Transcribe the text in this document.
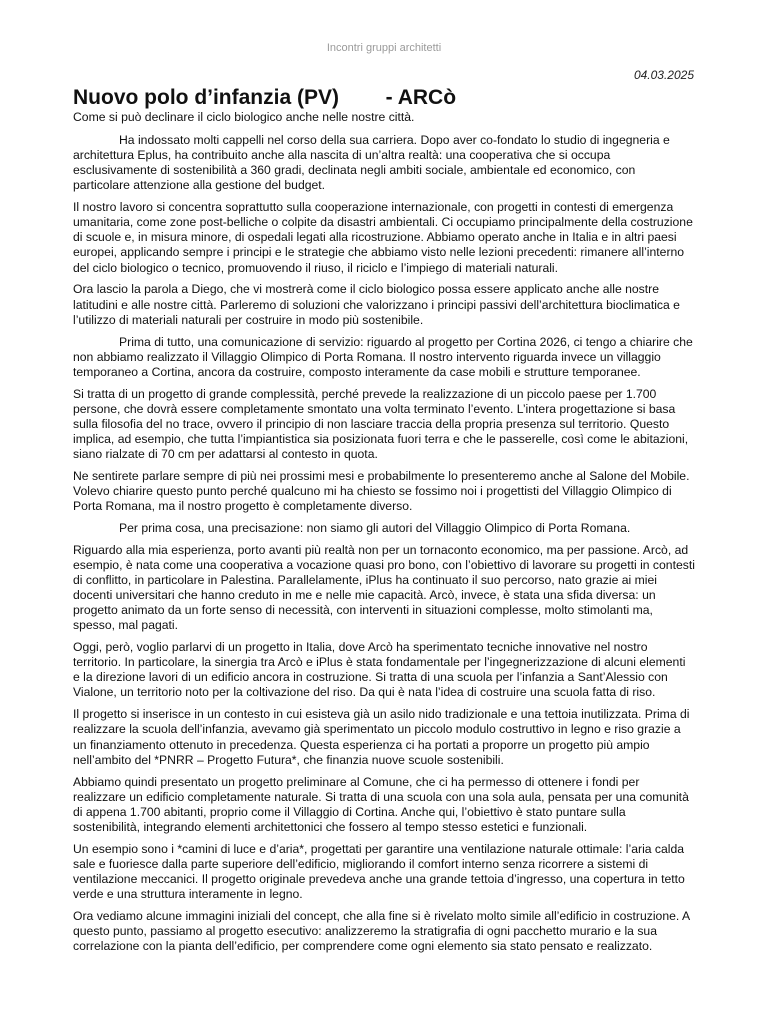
Incontri gruppi architetti
04.03.2025
Nuovo polo d’infanzia (PV)        - ARCò
Come si può declinare il ciclo biologico anche nelle nostre città.

Ha indossato molti cappelli nel corso della sua carriera. Dopo aver co-fondato lo studio di ingegneria e architettura Eplus, ha contribuito anche alla nascita di un’altra realtà: una cooperativa che si occupa esclusivamente di sostenibilità a 360 gradi, declinata negli ambiti sociale, ambientale ed economico, con particolare attenzione alla gestione del budget.

Il nostro lavoro si concentra soprattutto sulla cooperazione internazionale, con progetti in contesti di emergenza umanitaria, come zone post-belliche o colpite da disastri ambientali. Ci occupiamo principalmente della costruzione di scuole e, in misura minore, di ospedali legati alla ricostruzione. Abbiamo operato anche in Italia e in altri paesi europei, applicando sempre i principi e le strategie che abbiamo visto nelle lezioni precedenti: rimanere all’interno del ciclo biologico o tecnico, promuovendo il riuso, il riciclo e l’impiego di materiali naturali.

Ora lascio la parola a Diego, che vi mostrerà come il ciclo biologico possa essere applicato anche alle nostre latitudini e alle nostre città. Parleremo di soluzioni che valorizzano i principi passivi dell’architettura bioclimatica e l’utilizzo di materiali naturali per costruire in modo più sostenibile.

Prima di tutto, una comunicazione di servizio: riguardo al progetto per Cortina 2026, ci tengo a chiarire che non abbiamo realizzato il Villaggio Olimpico di Porta Romana. Il nostro intervento riguarda invece un villaggio temporaneo a Cortina, ancora da costruire, composto interamente da case mobili e strutture temporanee.

Si tratta di un progetto di grande complessità, perché prevede la realizzazione di un piccolo paese per 1.700 persone, che dovrà essere completamente smontato una volta terminato l’evento. L’intera progettazione si basa sulla filosofia del no trace, ovvero il principio di non lasciare traccia della propria presenza sul territorio. Questo implica, ad esempio, che tutta l’impiantistica sia posizionata fuori terra e che le passerelle, così come le abitazioni, siano rialzate di 70 cm per adattarsi al contesto in quota.

Ne sentirete parlare sempre di più nei prossimi mesi e probabilmente lo presenteremo anche al Salone del Mobile. Volevo chiarire questo punto perché qualcuno mi ha chiesto se fossimo noi i progettisti del Villaggio Olimpico di Porta Romana, ma il nostro progetto è completamente diverso.

Per prima cosa, una precisazione: non siamo gli autori del Villaggio Olimpico di Porta Romana.

Riguardo alla mia esperienza, porto avanti più realtà non per un tornaconto economico, ma per passione. Arcò, ad esempio, è nata come una cooperativa a vocazione quasi pro bono, con l’obiettivo di lavorare su progetti in contesti di conflitto, in particolare in Palestina. Parallelamente, iPlus ha continuato il suo percorso, nato grazie ai miei docenti universitari che hanno creduto in me e nelle mie capacità. Arcò, invece, è stata una sfida diversa: un progetto animato da un forte senso di necessità, con interventi in situazioni complesse, molto stimolanti ma, spesso, mal pagati.

Oggi, però, voglio parlarvi di un progetto in Italia, dove Arcò ha sperimentato tecniche innovative nel nostro territorio. In particolare, la sinergia tra Arcò e iPlus è stata fondamentale per l’ingegnerizzazione di alcuni elementi e la direzione lavori di un edificio ancora in costruzione. Si tratta di una scuola per l’infanzia a Sant’Alessio con Vialone, un territorio noto per la coltivazione del riso. Da qui è nata l’idea di costruire una scuola fatta di riso.

Il progetto si inserisce in un contesto in cui esisteva già un asilo nido tradizionale e una tettoia inutilizzata. Prima di realizzare la scuola dell’infanzia, avevamo già sperimentato un piccolo modulo costruttivo in legno e riso grazie a un finanziamento ottenuto in precedenza. Questa esperienza ci ha portati a proporre un progetto più ampio nell’ambito del *PNRR – Progetto Futura*, che finanzia nuove scuole sostenibili.

Abbiamo quindi presentato un progetto preliminare al Comune, che ci ha permesso di ottenere i fondi per realizzare un edificio completamente naturale. Si tratta di una scuola con una sola aula, pensata per una comunità di appena 1.700 abitanti, proprio come il Villaggio di Cortina. Anche qui, l’obiettivo è stato puntare sulla sostenibilità, integrando elementi architettonici che fossero al tempo stesso estetici e funzionali.

Un esempio sono i *camini di luce e d’aria*, progettati per garantire una ventilazione naturale ottimale: l’aria calda sale e fuoriesce dalla parte superiore dell’edificio, migliorando il comfort interno senza ricorrere a sistemi di ventilazione meccanici. Il progetto originale prevedeva anche una grande tettoia d’ingresso, una copertura in tetto verde e una struttura interamente in legno.

Ora vediamo alcune immagini iniziali del concept, che alla fine si è rivelato molto simile all’edificio in costruzione. A questo punto, passiamo al progetto esecutivo: analizzeremo la stratigrafia di ogni pacchetto murario e la sua correlazione con la pianta dell’edificio, per comprendere come ogni elemento sia stato pensato e realizzato.
